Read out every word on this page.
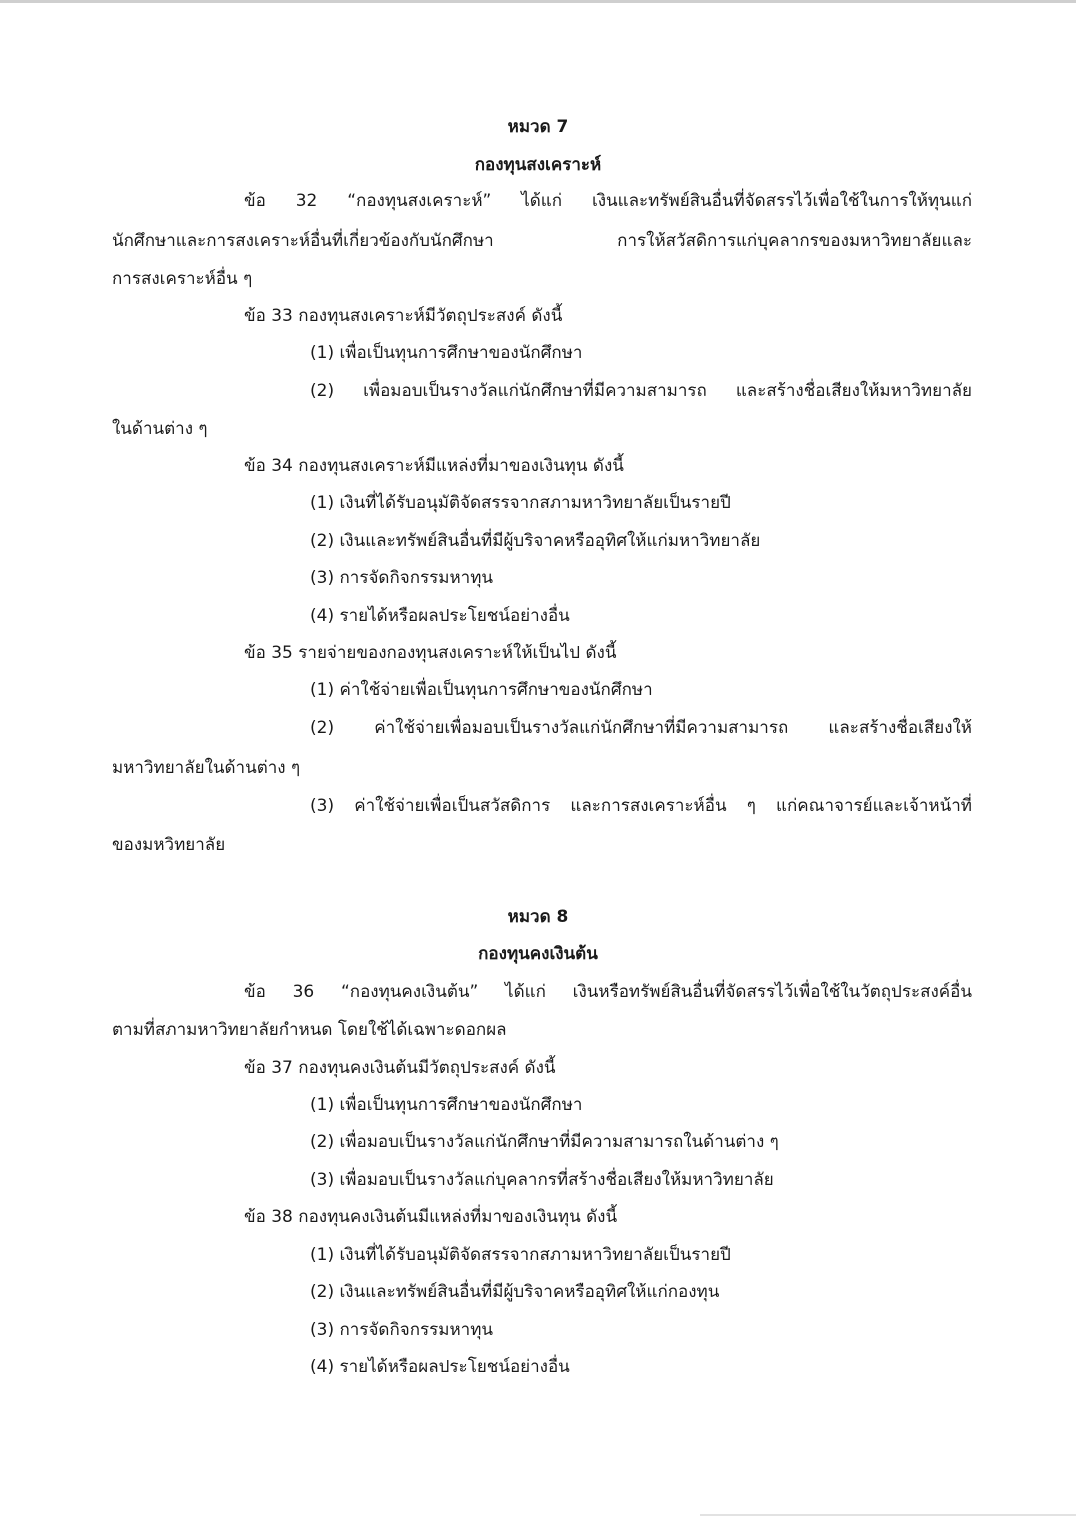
หมวด 7
กองทุนสงเคราะห์
ข้อ 32 “กองทุนสงเคราะห์” ได้แก่ เงินและทรัพย์สินอื่นที่จัดสรรไว้เพื่อใช้ในการให้ทุนแก่
นักศึกษาและการสงเคราะห์อื่นที่เกี่ยวข้องกับนักศึกษา การให้สวัสดิการแก่บุคลากรของมหาวิทยาลัยและ
การสงเคราะห์อื่น ๆ
ข้อ 33 กองทุนสงเคราะห์มีวัตถุประสงค์ ดังนี้
(1) เพื่อเป็นทุนการศึกษาของนักศึกษา
(2) เพื่อมอบเป็นรางวัลแก่นักศึกษาที่มีความสามารถ และสร้างชื่อเสียงให้มหาวิทยาลัย
ในด้านต่าง ๆ
ข้อ 34 กองทุนสงเคราะห์มีแหล่งที่มาของเงินทุน ดังนี้
(1) เงินที่ได้รับอนุมัติจัดสรรจากสภามหาวิทยาลัยเป็นรายปี
(2) เงินและทรัพย์สินอื่นที่มีผู้บริจาคหรืออุทิศให้แก่มหาวิทยาลัย
(3) การจัดกิจกรรมหาทุน
(4) รายได้หรือผลประโยชน์อย่างอื่น
ข้อ 35 รายจ่ายของกองทุนสงเคราะห์ให้เป็นไป ดังนี้
(1) ค่าใช้จ่ายเพื่อเป็นทุนการศึกษาของนักศึกษา
(2) ค่าใช้จ่ายเพื่อมอบเป็นรางวัลแก่นักศึกษาที่มีความสามารถ และสร้างชื่อเสียงให้
มหาวิทยาลัยในด้านต่าง ๆ
(3) ค่าใช้จ่ายเพื่อเป็นสวัสดิการ และการสงเคราะห์อื่น ๆ แก่คณาจารย์และเจ้าหน้าที่
ของมหวิทยาลัย
หมวด 8
กองทุนคงเงินต้น
ข้อ 36 “กองทุนคงเงินต้น” ได้แก่ เงินหรือทรัพย์สินอื่นที่จัดสรรไว้เพื่อใช้ในวัตถุประสงค์อื่น
ตามที่สภามหาวิทยาลัยกำหนด โดยใช้ได้เฉพาะดอกผล
ข้อ 37 กองทุนคงเงินต้นมีวัตถุประสงค์ ดังนี้
(1) เพื่อเป็นทุนการศึกษาของนักศึกษา
(2) เพื่อมอบเป็นรางวัลแก่นักศึกษาที่มีความสามารถในด้านต่าง ๆ
(3) เพื่อมอบเป็นรางวัลแก่บุคลากรที่สร้างชื่อเสียงให้มหาวิทยาลัย
ข้อ 38 กองทุนคงเงินต้นมีแหล่งที่มาของเงินทุน ดังนี้
(1) เงินที่ได้รับอนุมัติจัดสรรจากสภามหาวิทยาลัยเป็นรายปี
(2) เงินและทรัพย์สินอื่นที่มีผู้บริจาคหรืออุทิศให้แก่กองทุน
(3) การจัดกิจกรรมหาทุน
(4) รายได้หรือผลประโยชน์อย่างอื่น
